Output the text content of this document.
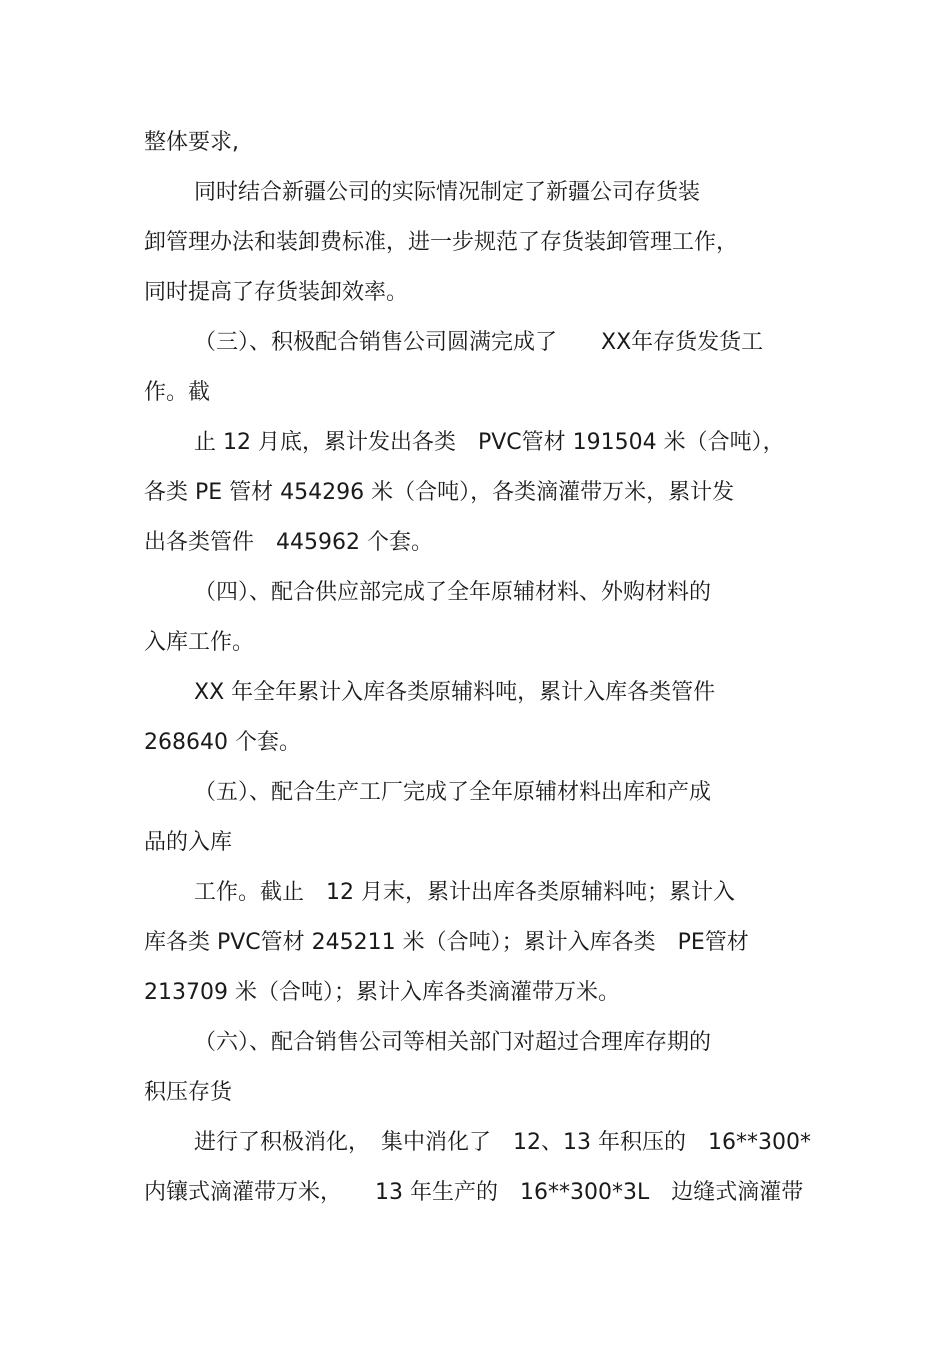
整体要求,
同时结合新疆公司的实际情况制定了新疆公司存货装
卸管理办法和装卸费标准，进一步规范了存货装卸管理工作，
同时提高了存货装卸效率。
（三）、积极配合销售公司圆满完成了　　XX年存货发货工
作。截
止 12 月底，累计发出各类　PVC管材 191504 米（合吨），
各类 PE 管材 454296 米（合吨），各类滴灌带万米，累计发
出各类管件　445962 个套。
（四）、配合供应部完成了全年原辅材料、外购材料的
入库工作。
XX 年全年累计入库各类原辅料吨，累计入库各类管件
268640 个套。
（五）、配合生产工厂完成了全年原辅材料出库和产成
品的入库
工作。截止　12 月末，累计出库各类原辅料吨；累计入
库各类 PVC管材 245211 米（合吨）；累计入库各类　PE管材
213709 米（合吨）；累计入库各类滴灌带万米。
（六）、配合销售公司等相关部门对超过合理库存期的
积压存货
进行了积极消化，　集中消化了　12、13 年积压的　16**300*
内镶式滴灌带万米，　　13 年生产的　16**300*3L　边缝式滴灌带
